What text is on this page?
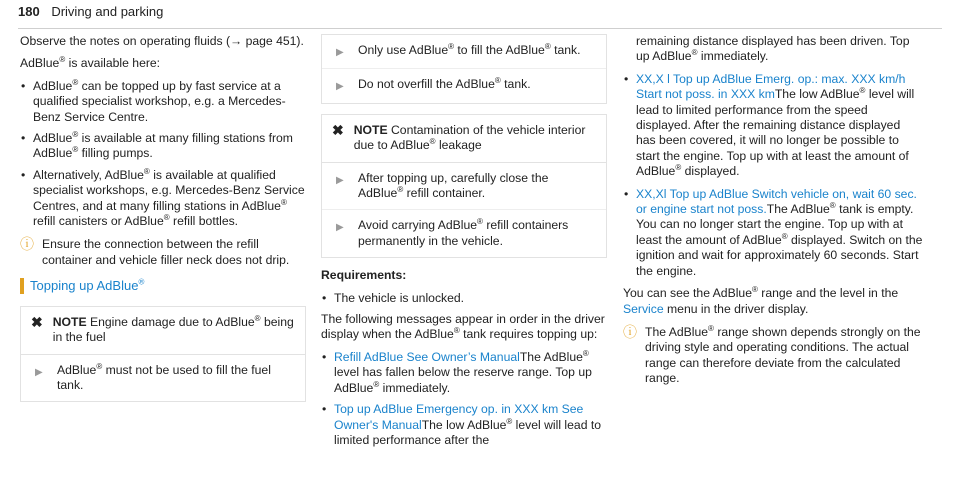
180 Driving and parking

Observe the notes on operating fluids (→ page 451).

AdBlue® is available here:

• AdBlue® can be topped up by fast service at a qualified specialist workshop, e.g. a Mercedes-Benz Service Centre.
• AdBlue® is available at many filling stations from AdBlue® filling pumps.
• Alternatively, AdBlue® is available at qualified specialist workshops, e.g. Mercedes-Benz Service Centres, and at many filling stations in AdBlue® refill canisters or AdBlue® refill bottles.
ⓘ Ensure the connection between the refill container and vehicle filler neck does not drip.
Topping up AdBlue®
✖ NOTE Engine damage due to AdBlue® being in the fuel
▶	AdBlue® must not be used to fill the fuel tank.
▶	Only use AdBlue® to fill the AdBlue® tank.
▶	Do not overfill the AdBlue® tank.
✖ NOTE Contamination of the vehicle interior due to AdBlue® leakage
▶	After topping up, carefully close the AdBlue® refill container.
▶	Avoid carrying AdBlue® refill containers permanently in the vehicle.

Requirements:

• The vehicle is unlocked.

The following messages appear in order in the driver display when the AdBlue® tank requires topping up:

• Refill AdBlue See Owner’s ManualThe AdBlue® level has fallen below the reserve range. Top up AdBlue® immediately.
• Top up AdBlue Emergency op. in XXX km See Owner's ManualThe low AdBlue® level will lead to limited performance after the

remaining distance displayed has been driven. Top up AdBlue® immediately.

• XX,X l Top up AdBlue Emerg. op.: max. XXX km/h Start not poss. in XXX kmThe low AdBlue® level will lead to limited performance from the speed displayed. After the remaining distance displayed has been covered, it will no longer be possible to start the engine. Top up with at least the amount of AdBlue® displayed.
• XX,Xl Top up AdBlue Switch vehicle on, wait 60 sec. or engine start not poss.The AdBlue® tank is empty. You can no longer start the engine. Top up with at least the amount of AdBlue® displayed. Switch on the ignition and wait for approximately 60 seconds. Start the engine.

You can see the AdBlue® range and the level in the Service menu in the driver display.

ⓘ The AdBlue® range shown depends strongly on the driving style and operating conditions. The actual range can therefore deviate from the calculated range.
